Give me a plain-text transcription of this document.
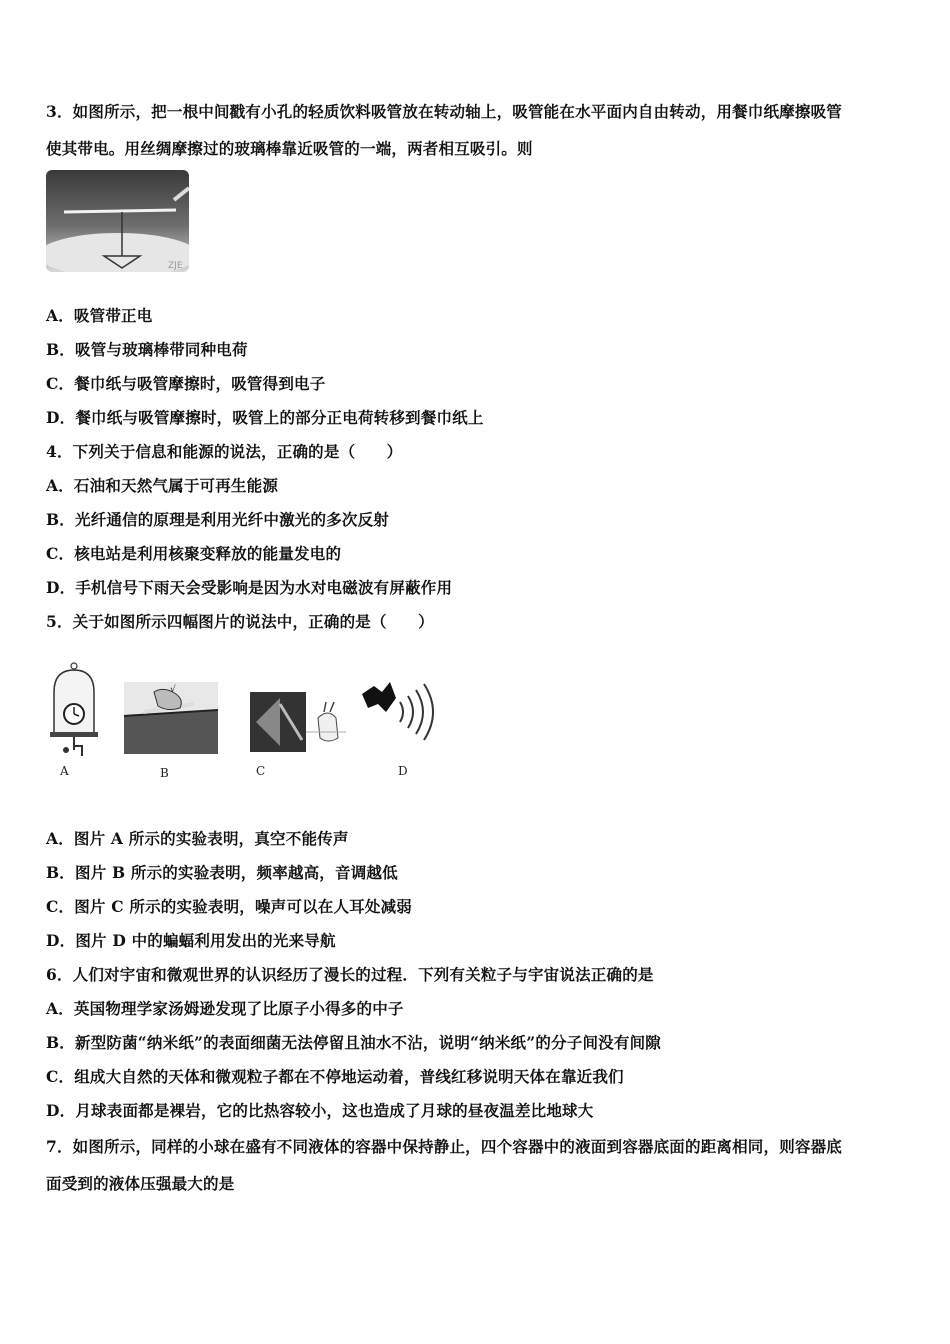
3．如图所示，把一根中间戳有小孔的轻质饮料吸管放在转动轴上，吸管能在水平面内自由转动，用餐巾纸摩擦吸管
使其带电。用丝绸摩擦过的玻璃棒靠近吸管的一端，两者相互吸引。则
ZJE
A．吸管带正电
B．吸管与玻璃棒带同种电荷
C．餐巾纸与吸管摩擦时，吸管得到电子
D．餐巾纸与吸管摩擦时，吸管上的部分正电荷转移到餐巾纸上
4．下列关于信息和能源的说法，正确的是（　　）
A．石油和天然气属于可再生能源
B．光纤通信的原理是利用光纤中激光的多次反射
C．核电站是利用核聚变释放的能量发电的
D．手机信号下雨天会受影响是因为水对电磁波有屏蔽作用
5．关于如图所示四幅图片的说法中，正确的是（　　）
A
√
B	C	D
A．图片 A 所示的实验表明，真空不能传声
B．图片 B 所示的实验表明，频率越高，音调越低
C．图片 C 所示的实验表明，噪声可以在人耳处减弱
D．图片 D 中的蝙蝠利用发出的光来导航
6．人们对宇宙和微观世界的认识经历了漫长的过程．下列有关粒子与宇宙说法正确的是
A．英国物理学家汤姆逊发现了比原子小得多的中子
B．新型防菌“纳米纸”的表面细菌无法停留且油水不沾，说明“纳米纸”的分子间没有间隙
C．组成大自然的天体和微观粒子都在不停地运动着，普线红移说明天体在靠近我们
D．月球表面都是裸岩，它的比热容较小，这也造成了月球的昼夜温差比地球大
7．如图所示，同样的小球在盛有不同液体的容器中保持静止，四个容器中的液面到容器底面的距离相同，则容器底
面受到的液体压强最大的是
